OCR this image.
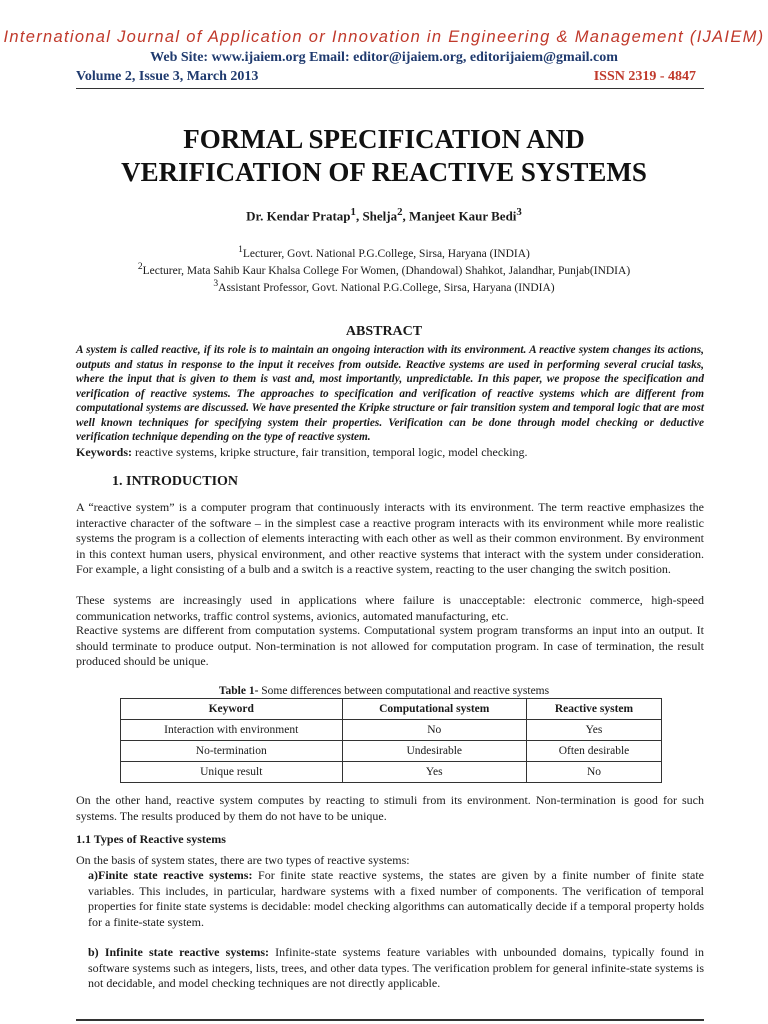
International Journal of Application or Innovation in Engineering & Management (IJAIEM)
Web Site: www.ijaiem.org Email: editor@ijaiem.org, editorijaiem@gmail.com
Volume 2, Issue 3, March 2013	ISSN 2319 - 4847
FORMAL SPECIFICATION AND
VERIFICATION OF REACTIVE SYSTEMS
Dr. Kendar Pratap$^1$, Shelja$^2$, Manjeet Kaur Bedi$^3$
$^1$Lecturer, Govt. National P.G.College, Sirsa, Haryana (INDIA)
$^2$Lecturer, Mata Sahib Kaur Khalsa College For Women, (Dhandowal) Shahkot, Jalandhar, Punjab(INDIA)
$^3$Assistant Professor, Govt. National P.G.College, Sirsa, Haryana (INDIA)
ABSTRACT
A system is called reactive, if its role is to maintain an ongoing interaction with its environment. A reactive system changes its actions, outputs and status in response to the input it receives from outside. Reactive systems are used in performing several crucial tasks, where the input that is given to them is vast and, most importantly, unpredictable. In this paper, we propose the specification and verification of reactive systems. The approaches to specification and verification of reactive systems which are different from computational systems are discussed. We have presented the Kripke structure or fair transition system and temporal logic that are most well known techniques for specifying system their properties. Verification can be done through model checking or deductive verification technique depending on the type of reactive system.
Keywords: reactive systems, kripke structure, fair transition, temporal logic, model checking.
1. INTRODUCTION
A “reactive system” is a computer program that continuously interacts with its environment. The term reactive emphasizes the interactive character of the software – in the simplest case a reactive program interacts with its environment while more realistic systems the program is a collection of elements interacting with each other as well as their common environment. By environment in this context human users, physical environment, and other reactive systems that interact with the system under consideration. For example, a light consisting of a bulb and a switch is a reactive system, reacting to the user changing the switch position.
These systems are increasingly used in applications where failure is unacceptable: electronic commerce, high-speed communication networks, traffic control systems, avionics, automated manufacturing, etc.
Reactive systems are different from computation systems. Computational system program transforms an input into an output. It should terminate to produce output. Non-termination is not allowed for computation program. In case of termination, the result produced should be unique.
Table 1- Some differences between computational and reactive systems
Keyword	Computational system	Reactive system
Interaction with environment	No	Yes
No-termination	Undesirable	Often desirable
Unique result	Yes	No
On the other hand, reactive system computes by reacting to stimuli from its environment. Non-termination is good for such systems. The results produced by them do not have to be unique.
1.1 Types of Reactive systems
On the basis of system states, there are two types of reactive systems:
a)Finite state reactive systems: For finite state reactive systems, the states are given by a finite number of finite state variables. This includes, in particular, hardware systems with a fixed number of components. The verification of temporal properties for finite state systems is decidable: model checking algorithms can automatically decide if a temporal property holds for a finite-state system.
b) Infinite state reactive systems: Infinite-state systems feature variables with unbounded domains, typically found in software systems such as integers, lists, trees, and other data types. The verification problem for general infinite-state systems is not decidable, and model checking techniques are not directly applicable.
